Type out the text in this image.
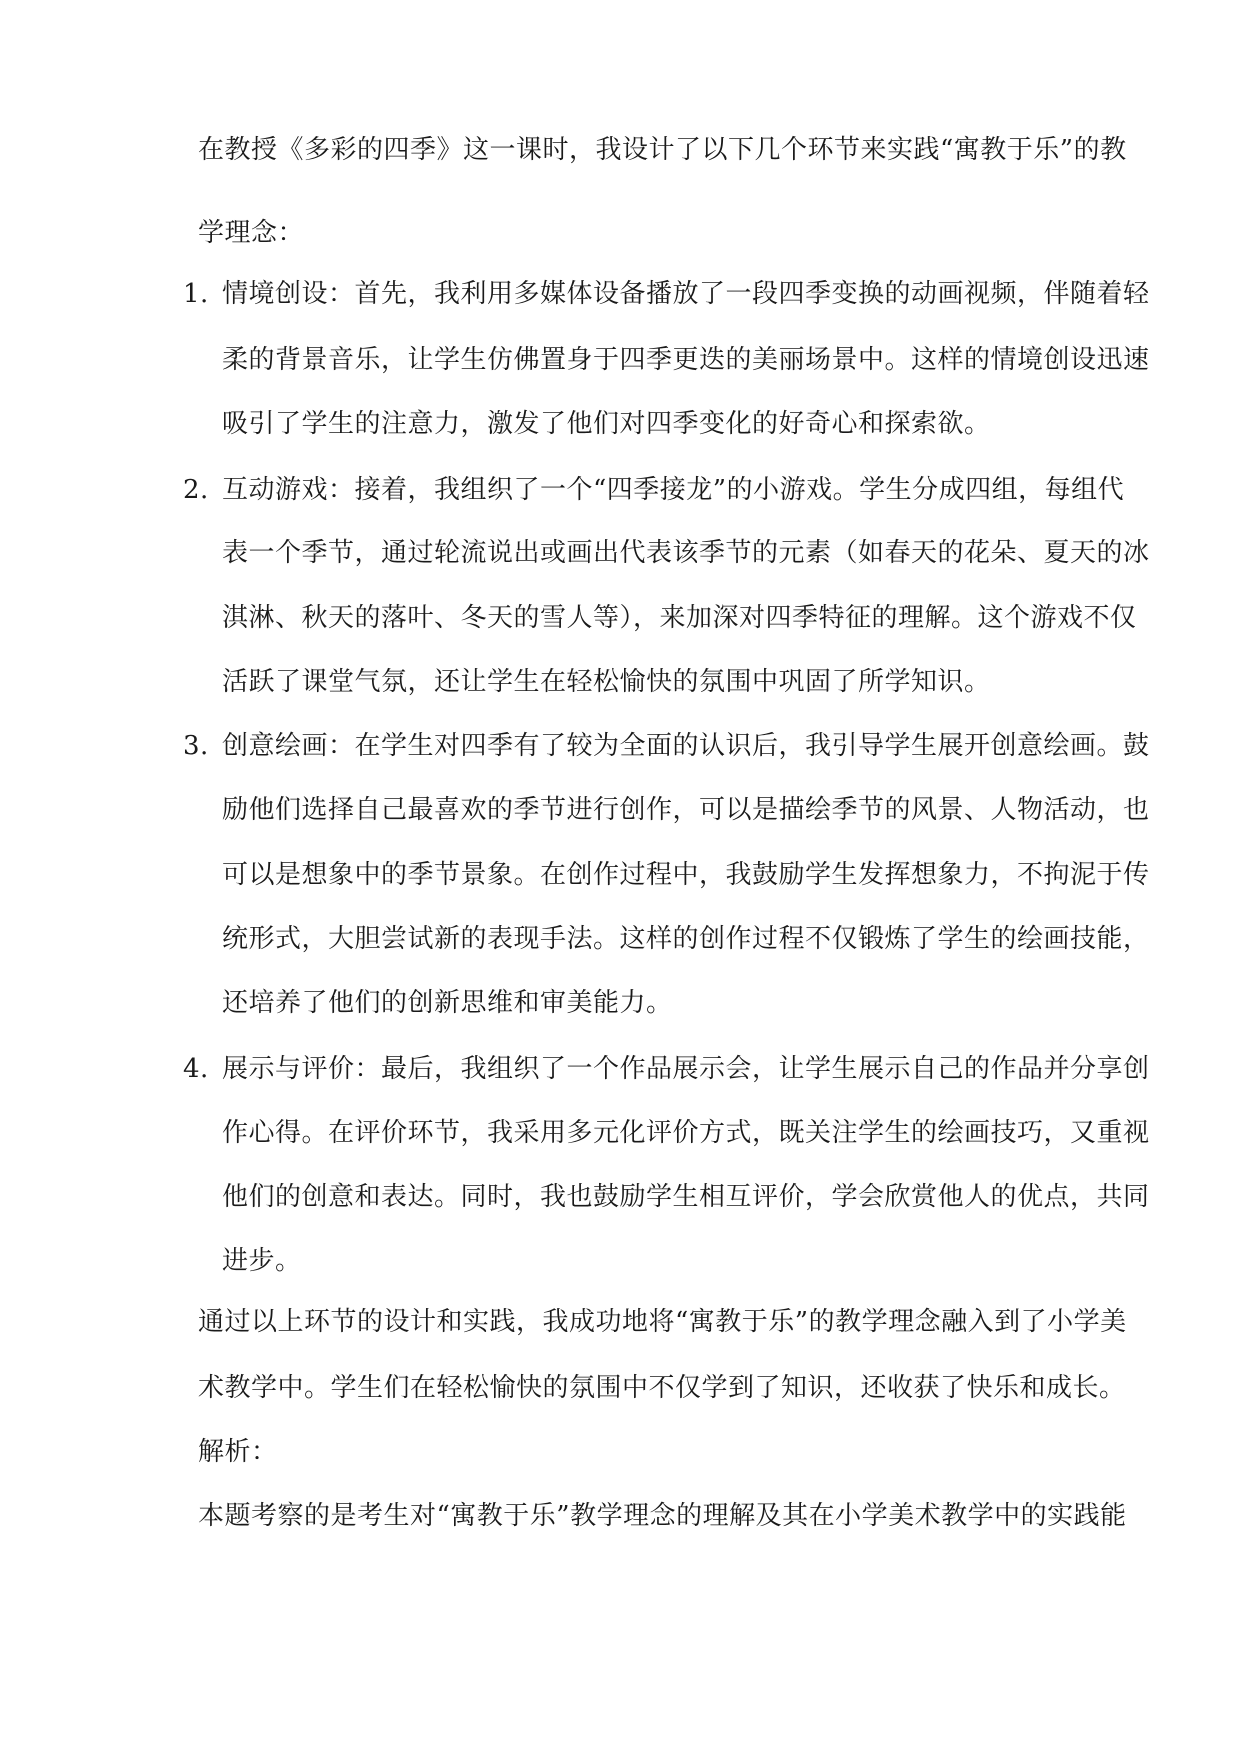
在教授《多彩的四季》这一课时，我设计了以下几个环节来实践“寓教于乐”的教
学理念：
1. 情境创设：首先，我利用多媒体设备播放了一段四季变换的动画视频，伴随着轻
柔的背景音乐，让学生仿佛置身于四季更迭的美丽场景中。这样的情境创设迅速
吸引了学生的注意力，激发了他们对四季变化的好奇心和探索欲。
2. 互动游戏：接着，我组织了一个“四季接龙”的小游戏。学生分成四组，每组代
表一个季节，通过轮流说出或画出代表该季节的元素（如春天的花朵、夏天的冰
淇淋、秋天的落叶、冬天的雪人等），来加深对四季特征的理解。这个游戏不仅
活跃了课堂气氛，还让学生在轻松愉快的氛围中巩固了所学知识。
3. 创意绘画：在学生对四季有了较为全面的认识后，我引导学生展开创意绘画。鼓
励他们选择自己最喜欢的季节进行创作，可以是描绘季节的风景、人物活动，也
可以是想象中的季节景象。在创作过程中，我鼓励学生发挥想象力，不拘泥于传
统形式，大胆尝试新的表现手法。这样的创作过程不仅锻炼了学生的绘画技能，
还培养了他们的创新思维和审美能力。
4. 展示与评价：最后，我组织了一个作品展示会，让学生展示自己的作品并分享创
作心得。在评价环节，我采用多元化评价方式，既关注学生的绘画技巧，又重视
他们的创意和表达。同时，我也鼓励学生相互评价，学会欣赏他人的优点，共同
进步。
通过以上环节的设计和实践，我成功地将“寓教于乐”的教学理念融入到了小学美
术教学中。学生们在轻松愉快的氛围中不仅学到了知识，还收获了快乐和成长。
解析：
本题考察的是考生对“寓教于乐”教学理念的理解及其在小学美术教学中的实践能
